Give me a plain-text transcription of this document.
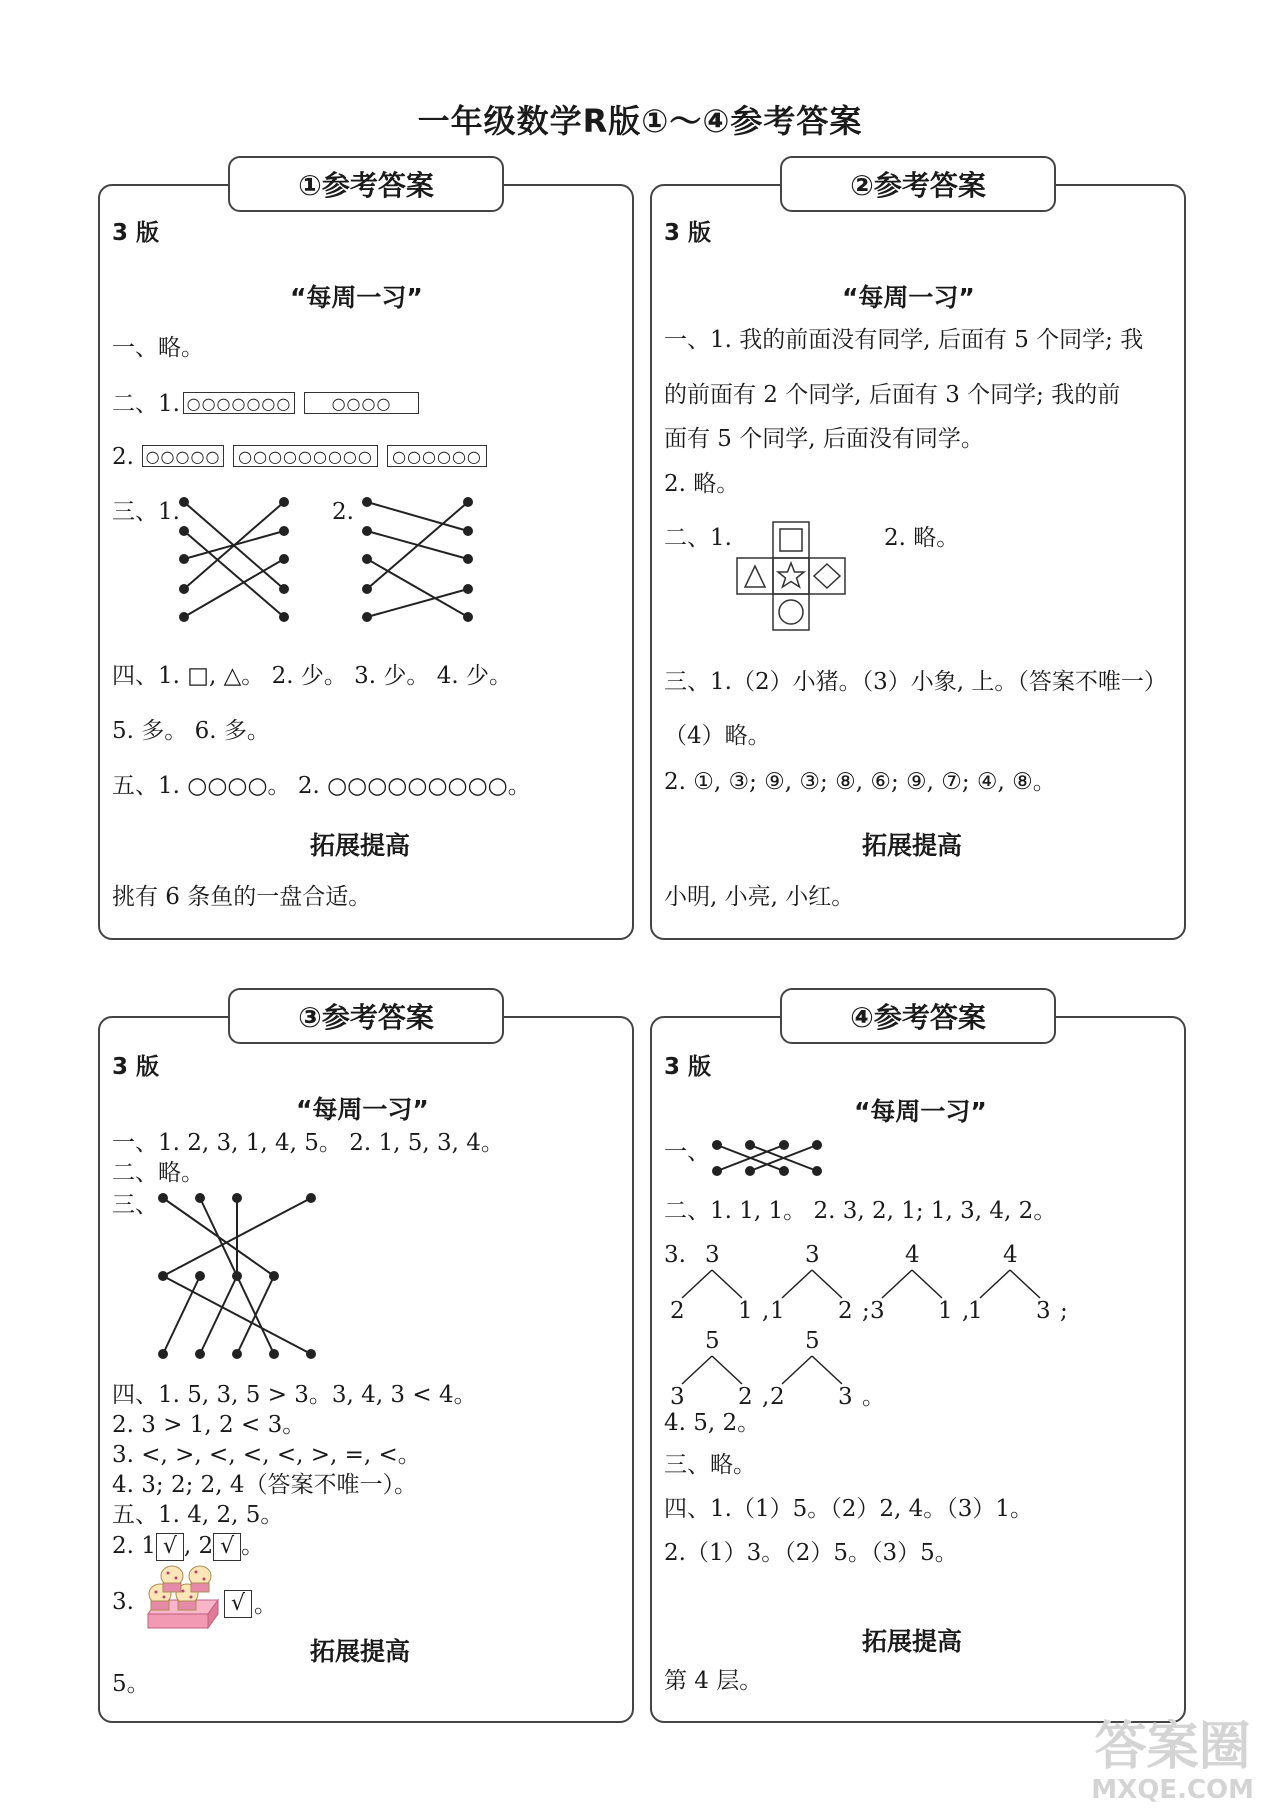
一年级数学R版①～④参考答案
①参考答案
3 版
“每周一习”
一、略。
二、1. ○○○○○○○	○○○○
2. ○○○○○	○○○○○○○○○	○○○○○○
三、1.	2.
四、1. □, △。 2. 少。 3. 少。 4. 少。
5. 多。 6. 多。
五、1. ○○○○。 2. ○○○○○○○○○。
拓展提高
挑有 6 条鱼的一盘合适。
②参考答案
3 版
“每周一习”
一、1. 我的前面没有同学, 后面有 5 个同学; 我
的前面有 2 个同学, 后面有 3 个同学; 我的前
面有 5 个同学, 后面没有同学。
2. 略。
二、1.	2. 略。
三、1.（2）小猪。（3）小象, 上。（答案不唯一）
（4）略。
2. ①, ③; ⑨, ③; ⑧, ⑥; ⑨, ⑦; ④, ⑧。
拓展提高
小明, 小亮, 小红。
③参考答案
3 版
“每周一习”
一、1. 2, 3, 1, 4, 5。 2. 1, 5, 3, 4。
二、略。
三、
四、1. 5, 3, 5 > 3。3, 4, 3 < 4。
2. 3 > 1, 2 < 3。
3. <, >, <, <, <, >, =, <。
4. 3; 2; 2, 4（答案不唯一）。
五、1. 4, 2, 5。
2. 1 √ , 2 √ 。
3.	√ 。
拓展提高
5。
④参考答案
3 版
“每周一习”
一、
二、1. 1, 1。 2. 3, 2, 1; 1, 3, 4, 2。
3. 3
2 1 ,
3
1 2 ;
4
3 1 ,
4
1 3 ;
5
3 2 ,
5
2 3 。
4. 5, 2。
三、略。
四、1.（1）5。（2）2, 4。（3）1。
2.（1）3。（2）5。（3）5。
拓展提高
第 4 层。
答案圈
MXQE.COM
